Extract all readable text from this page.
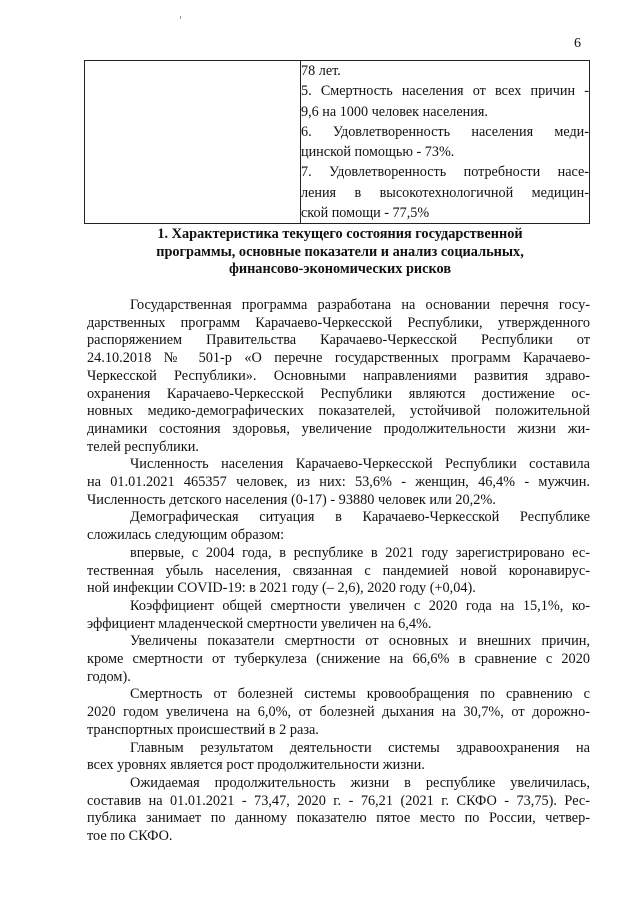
6

78 лет.
5. Смертность населения от всех причин -
9,6 на 1000 человек населения.
6. Удовлетворенность населения меди-
цинской помощью - 73%.
7. Удовлетворенность потребности насе-
ления в высокотехнологичной медицин-
ской помощи - 77,5%
1. Характеристика текущего состояния государственной
программы, основные показатели и анализ социальных,
финансово-экономических рисков
Государственная программа разработана на основании перечня госу-
дарственных программ Карачаево-Черкесской Республики, утвержденного
распоряжением Правительства Карачаево-Черкесской Республики от
24.10.2018 № 501-р «О перечне государственных программ Карачаево-
Черкесской Республики». Основными направлениями развития здраво-
охранения Карачаево-Черкесской Республики являются достижение ос-
новных медико-демографических показателей, устойчивой положительной
динамики состояния здоровья, увеличение продолжительности жизни жи-
телей республики.
Численность населения Карачаево-Черкесской Республики составила
на 01.01.2021 465357 человек, из них: 53,6% - женщин, 46,4% - мужчин.
Численность детского населения (0-17) - 93880 человек или 20,2%.
Демографическая ситуация в Карачаево-Черкесской Республике
сложилась следующим образом:
впервые, с 2004 года, в республике в 2021 году зарегистрировано ес-
тественная убыль населения, связанная с пандемией новой коронавирус-
ной инфекции COVID-19: в 2021 году (– 2,6), 2020 году (+0,04).
Коэффициент общей смертности увеличен с 2020 года на 15,1%, ко-
эффициент младенческой смертности увеличен на 6,4%.
Увеличены показатели смертности от основных и внешних причин,
кроме смертности от туберкулеза (снижение на 66,6% в сравнение с 2020
годом).
Смертность от болезней системы кровообращения по сравнению с
2020 годом увеличена на 6,0%, от болезней дыхания на 30,7%, от дорожно-
транспортных происшествий в 2 раза.
Главным результатом деятельности системы здравоохранения на
всех уровнях является рост продолжительности жизни.
Ожидаемая продолжительность жизни в республике увеличилась,
составив на 01.01.2021 - 73,47, 2020 г. - 76,21 (2021 г. СКФО - 73,75). Рес-
публика занимает по данному показателю пятое место по России, четвер-
тое по СКФО.
